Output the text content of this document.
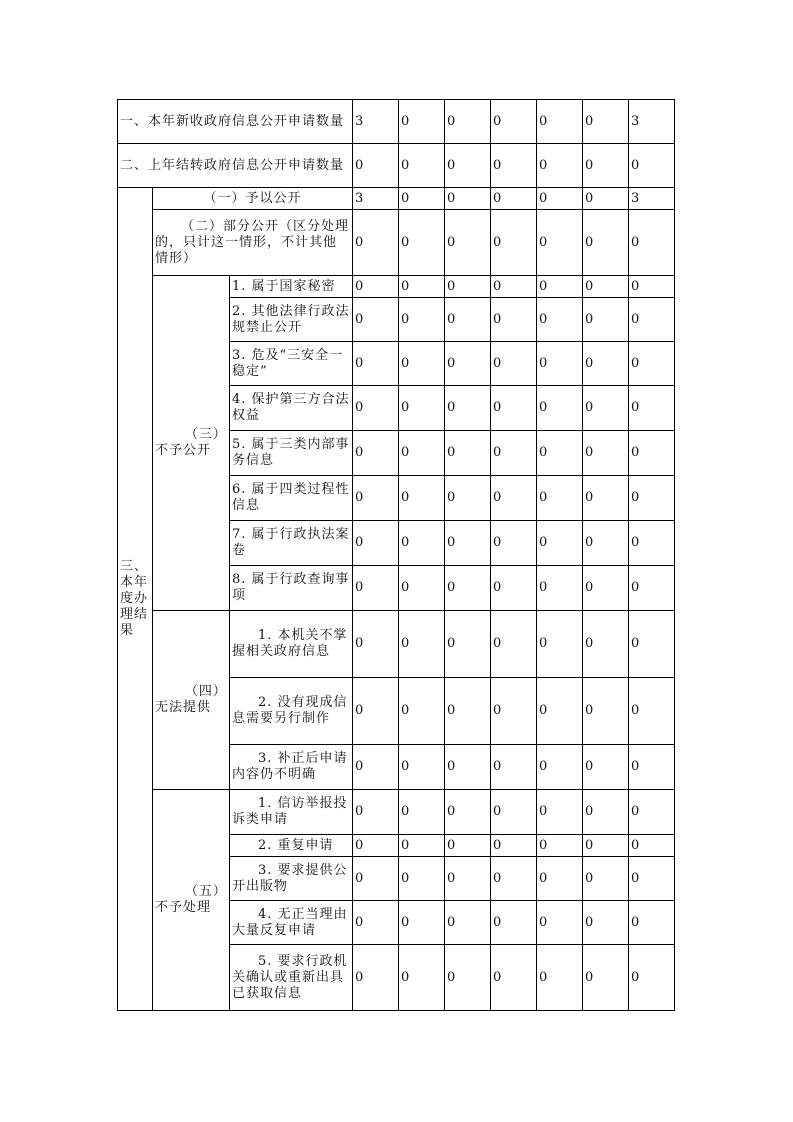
一、本年新收政府信息公开申请数量			3	0	0	0	0	0	3
二、上年结转政府信息公开申请数量			0	0	0	0	0	0	0
三、本年度办理结果	（一）予以公开		3	0	0	0	0	0	3
	（二）部分公开（区分处理的，只计这一情形，不计其他情形）		0	0	0	0	0	0	0
	（三）不予公开	1. 属于国家秘密	0	0	0	0	0	0	0
		2. 其他法律行政法规禁止公开	0	0	0	0	0	0	0
		3. 危及“三安全一稳定”	0	0	0	0	0	0	0
		4. 保护第三方合法权益	0	0	0	0	0	0	0
		5. 属于三类内部事务信息	0	0	0	0	0	0	0
		6. 属于四类过程性信息	0	0	0	0	0	0	0
		7. 属于行政执法案卷	0	0	0	0	0	0	0
		8. 属于行政查询事项	0	0	0	0	0	0	0
	（四）无法提供	1. 本机关不掌握相关政府信息	0	0	0	0	0	0	0
		2. 没有现成信息需要另行制作	0	0	0	0	0	0	0
		3. 补正后申请内容仍不明确	0	0	0	0	0	0	0
	（五）不予处理	1. 信访举报投诉类申请	0	0	0	0	0	0	0
		2. 重复申请	0	0	0	0	0	0	0
		3. 要求提供公开出版物	0	0	0	0	0	0	0
		4. 无正当理由大量反复申请	0	0	0	0	0	0	0
		5. 要求行政机关确认或重新出具已获取信息	0	0	0	0	0	0	0
